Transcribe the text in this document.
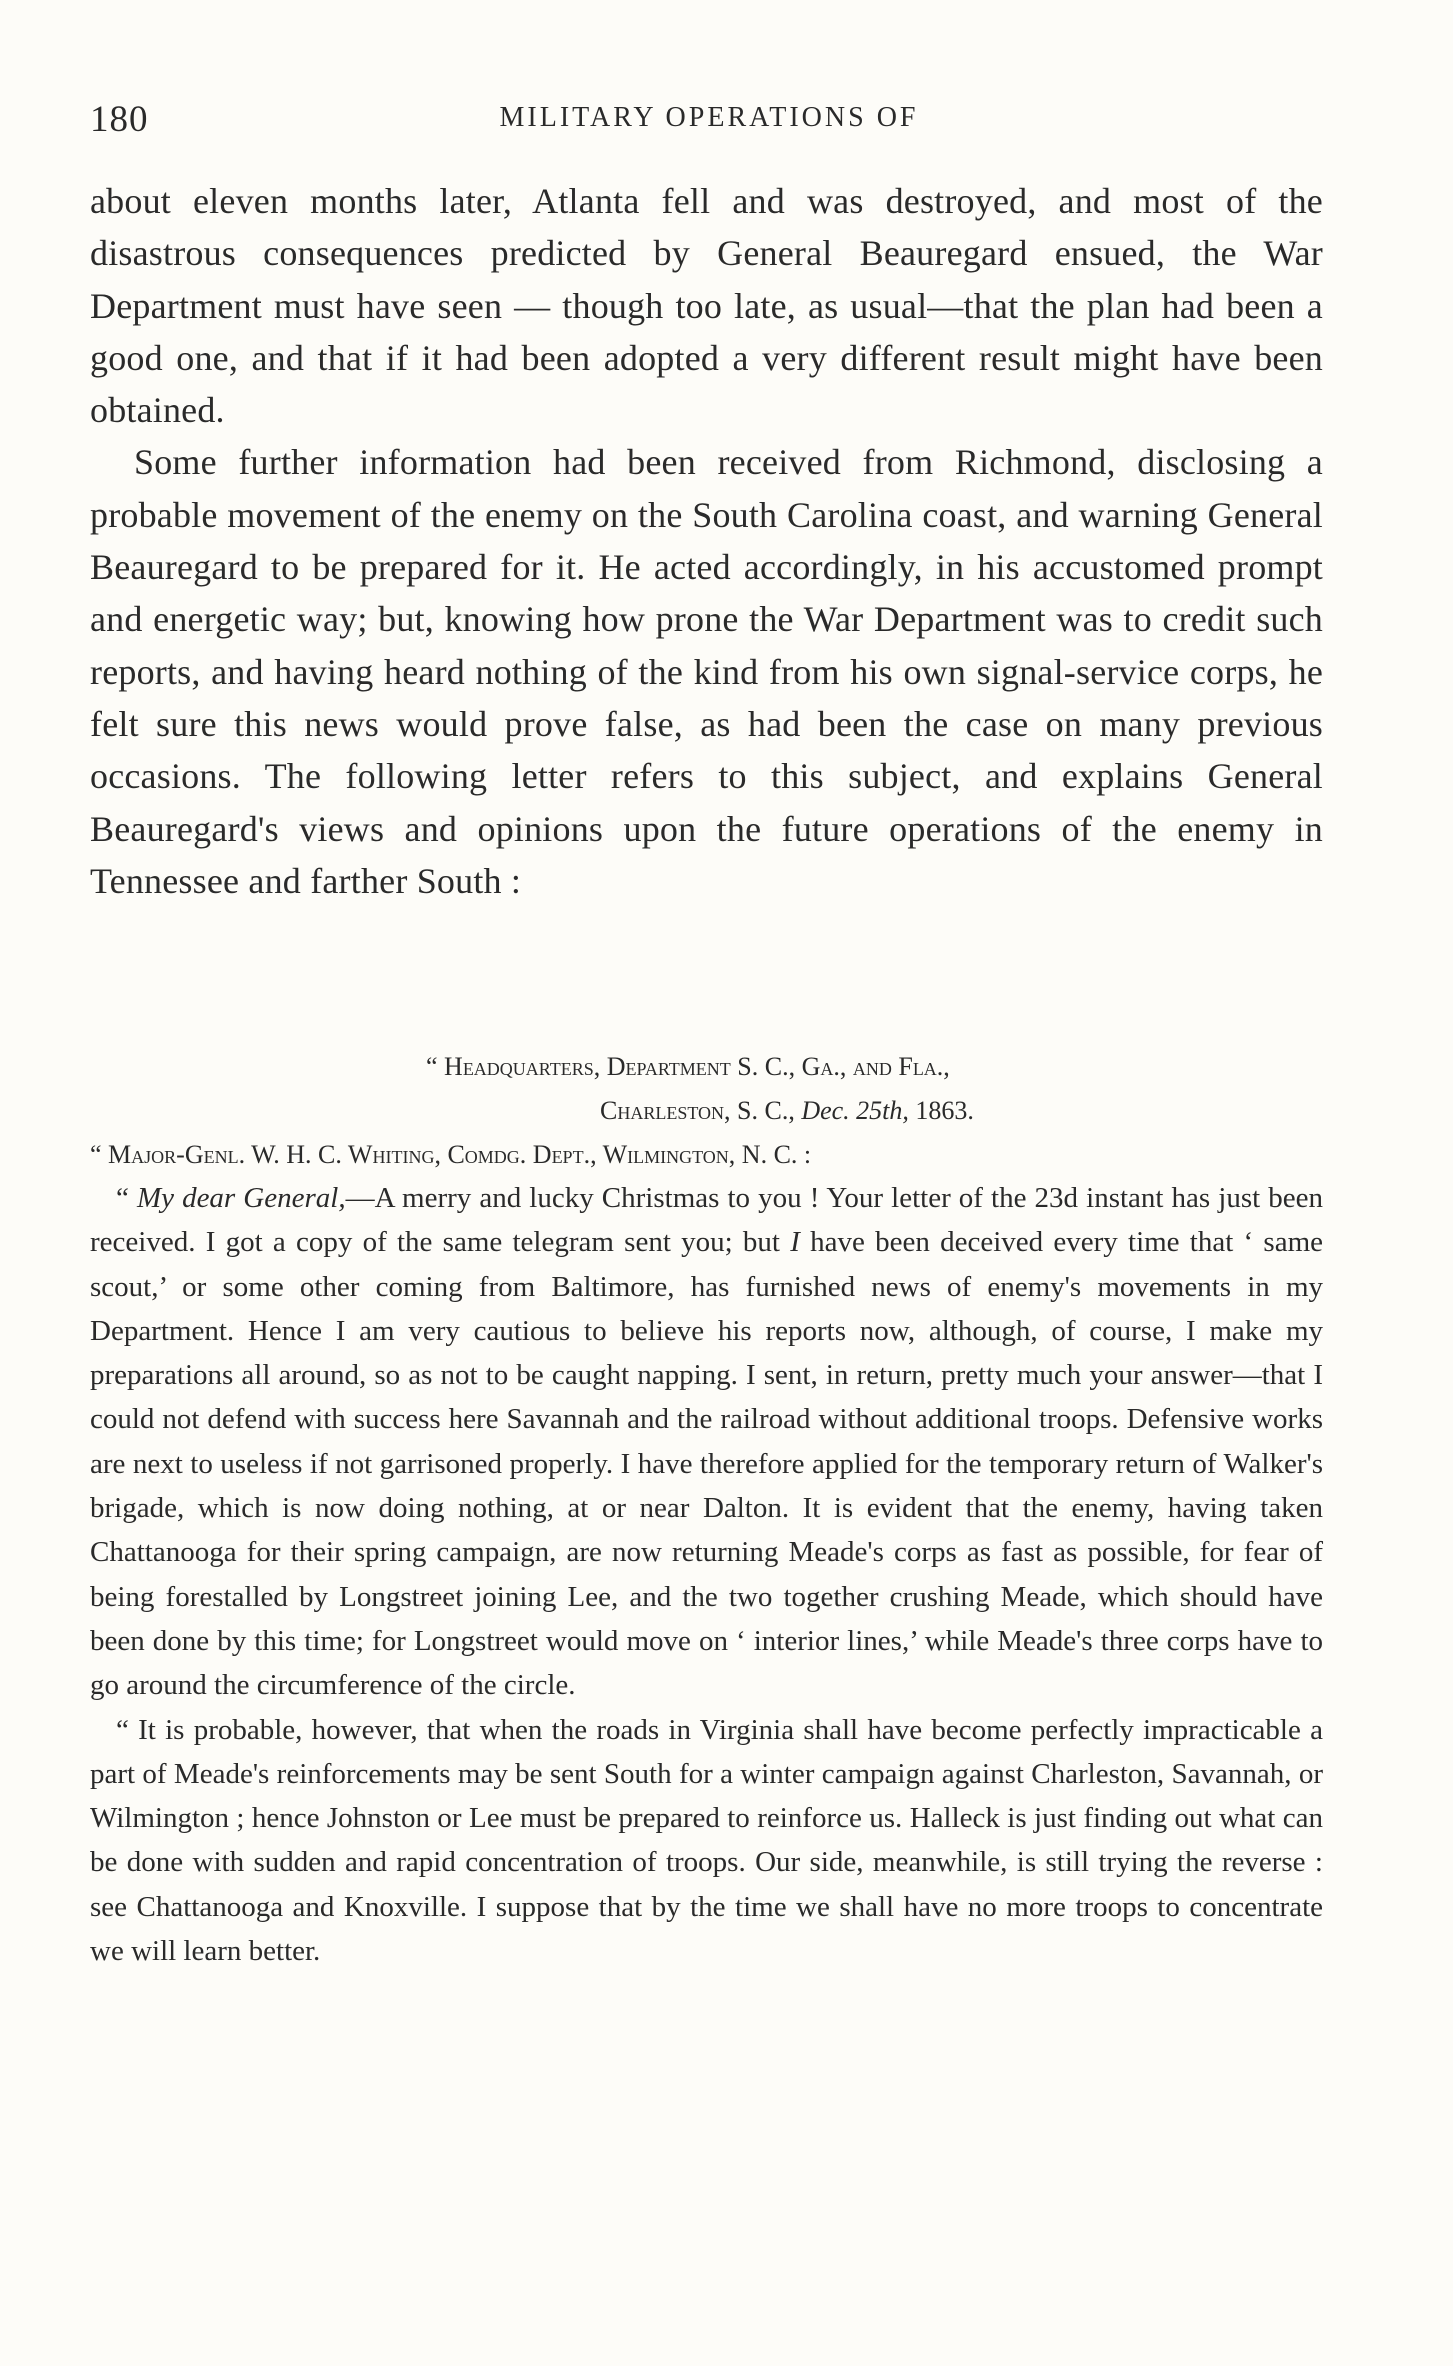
180	MILITARY OPERATIONS OF

about eleven months later, Atlanta fell and was destroyed, and most of the disastrous consequences predicted by General Beauregard ensued, the War Department must have seen — though too late, as usual—that the plan had been a good one, and that if it had been adopted a very different result might have been obtained.

Some further information had been received from Richmond, disclosing a probable movement of the enemy on the South Carolina coast, and warning General Beauregard to be prepared for it. He acted accordingly, in his accustomed prompt and energetic way; but, knowing how prone the War Department was to credit such reports, and having heard nothing of the kind from his own signal-service corps, he felt sure this news would prove false, as had been the case on many previous occasions. The following letter refers to this subject, and explains General Beauregard's views and opinions upon the future operations of the enemy in Tennessee and farther South :

“ Headquarters, Department S. C., Ga., and Fla.,
Charleston, S. C., Dec. 25th, 1863.
“ Major-Genl. W. H. C. Whiting, Comdg. Dept., Wilmington, N. C. :

“ My dear General,—A merry and lucky Christmas to you ! Your letter of the 23d instant has just been received. I got a copy of the same telegram sent you; but I have been deceived every time that ‘ same scout,’ or some other coming from Baltimore, has furnished news of enemy's movements in my Department. Hence I am very cautious to believe his reports now, although, of course, I make my preparations all around, so as not to be caught napping. I sent, in return, pretty much your answer—that I could not defend with success here Savannah and the railroad without additional troops. Defensive works are next to useless if not garrisoned properly. I have therefore applied for the temporary return of Walker's brigade, which is now doing nothing, at or near Dalton. It is evident that the enemy, having taken Chattanooga for their spring campaign, are now returning Meade's corps as fast as possible, for fear of being forestalled by Longstreet joining Lee, and the two together crushing Meade, which should have been done by this time; for Longstreet would move on ‘ interior lines,’ while Meade's three corps have to go around the circumference of the circle.

“ It is probable, however, that when the roads in Virginia shall have become perfectly impracticable a part of Meade's reinforcements may be sent South for a winter campaign against Charleston, Savannah, or Wilmington ; hence Johnston or Lee must be prepared to reinforce us. Halleck is just finding out what can be done with sudden and rapid concentration of troops. Our side, meanwhile, is still trying the reverse : see Chattanooga and Knoxville. I suppose that by the time we shall have no more troops to concentrate we will learn better.
